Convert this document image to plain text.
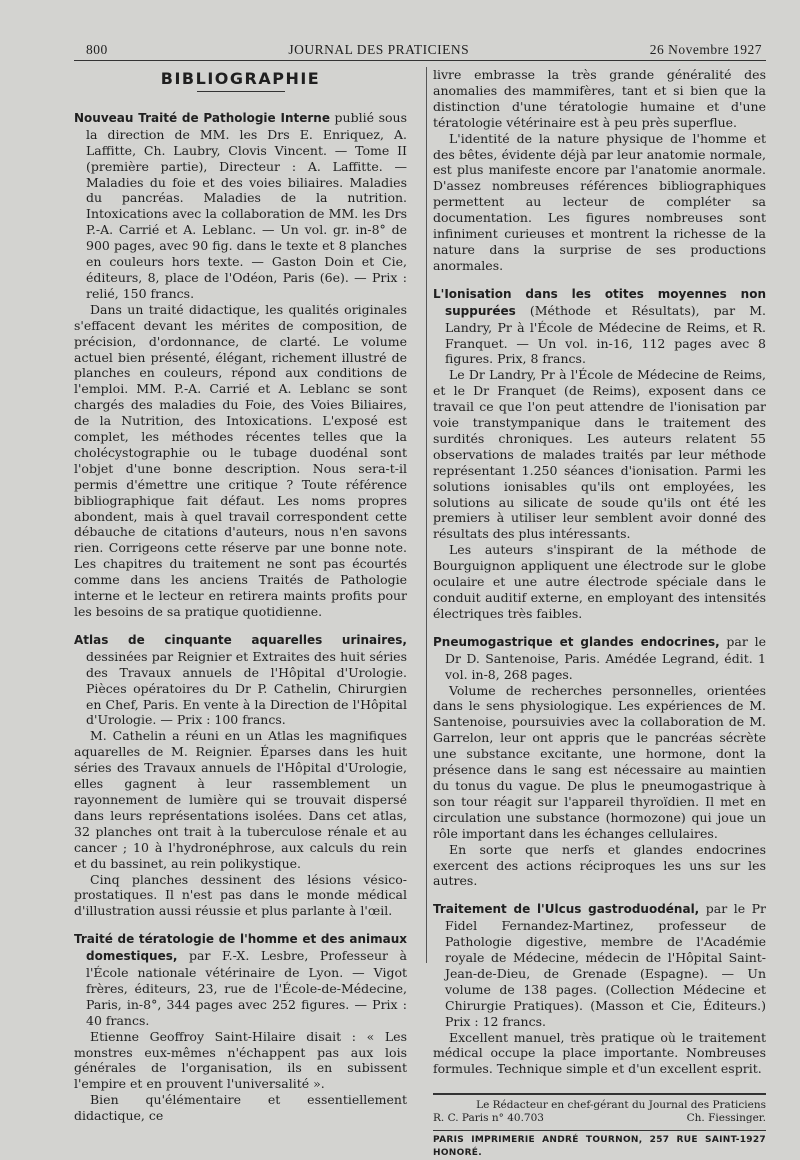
800	JOURNAL DES PRATICIENS	26 Novembre 1927
BIBLIOGRAPHIE

Nouveau Traité de Pathologie Interne publié sous la direction de MM. les Drs E. Enriquez, A. Laffitte, Ch. Laubry, Clovis Vincent. — Tome II (première partie), Directeur : A. Laffitte. — Maladies du foie et des voies biliaires. Maladies du pancréas. Maladies de la nutrition. Intoxications avec la collaboration de MM. les Drs P.-A. Carrié et A. Leblanc. — Un vol. gr. in-8° de 900 pages, avec 90 fig. dans le texte et 8 planches en couleurs hors texte. — Gaston Doin et Cie, éditeurs, 8, place de l'Odéon, Paris (6e). — Prix : relié, 150 francs.

Dans un traité didactique, les qualités originales s'effacent devant les mérites de composition, de précision, d'ordonnance, de clarté. Le volume actuel bien présenté, élégant, richement illustré de planches en couleurs, répond aux conditions de l'emploi. MM. P.-A. Carrié et A. Leblanc se sont chargés des maladies du Foie, des Voies Biliaires, de la Nutrition, des Intoxications. L'exposé est complet, les méthodes récentes telles que la cholécystographie ou le tubage duodénal sont l'objet d'une bonne description. Nous sera-t-il permis d'émettre une critique ? Toute référence bibliographique fait défaut. Les noms propres abondent, mais à quel travail correspondent cette débauche de citations d'auteurs, nous n'en savons rien. Corrigeons cette réserve par une bonne note. Les chapitres du traitement ne sont pas écourtés comme dans les anciens Traités de Pathologie interne et le lecteur en retirera maints profits pour les besoins de sa pratique quotidienne.

Atlas de cinquante aquarelles urinaires, dessinées par Reignier et Extraites des huit séries des Travaux annuels de l'Hôpital d'Urologie. Pièces opératoires du Dr P. Cathelin, Chirurgien en Chef, Paris. En vente à la Direction de l'Hôpital d'Urologie. — Prix : 100 francs.

M. Cathelin a réuni en un Atlas les magnifiques aquarelles de M. Reignier. Éparses dans les huit séries des Travaux annuels de l'Hôpital d'Urologie, elles gagnent à leur rassemblement un rayonnement de lumière qui se trouvait dispersé dans leurs représentations isolées. Dans cet atlas, 32 planches ont trait à la tuberculose rénale et au cancer ; 10 à l'hydronéphrose, aux calculs du rein et du bassinet, au rein polikystique.

Cinq planches dessinent des lésions vésico-prostatiques. Il n'est pas dans le monde médical d'illustration aussi réussie et plus parlante à l'œil.

Traité de tératologie de l'homme et des animaux domestiques, par F.-X. Lesbre, Professeur à l'École nationale vétérinaire de Lyon. — Vigot frères, éditeurs, 23, rue de l'École-de-Médecine, Paris, in-8°, 344 pages avec 252 figures. — Prix : 40 francs.

Etienne Geoffroy Saint-Hilaire disait : « Les monstres eux-mêmes n'échappent pas aux lois générales de l'organisation, ils en subissent l'empire et en prouvent l'universalité ».

Bien qu'élémentaire et essentiellement didactique, ce

livre embrasse la très grande généralité des anomalies des mammifères, tant et si bien que la distinction d'une tératologie humaine et d'une tératologie vétérinaire est à peu près superflue.

L'identité de la nature physique de l'homme et des bêtes, évidente déjà par leur anatomie normale, est plus manifeste encore par l'anatomie anormale. D'assez nombreuses références bibliographiques permettent au lecteur de compléter sa documentation. Les figures nombreuses sont infiniment curieuses et montrent la richesse de la nature dans la surprise de ses productions anormales.

L'Ionisation dans les otites moyennes non suppurées (Méthode et Résultats), par M. Landry, Pr à l'École de Médecine de Reims, et R. Franquet. — Un vol. in-16, 112 pages avec 8 figures. Prix, 8 francs.

Le Dr Landry, Pr à l'École de Médecine de Reims, et le Dr Franquet (de Reims), exposent dans ce travail ce que l'on peut attendre de l'ionisation par voie transtympanique dans le traitement des surdités chroniques. Les auteurs relatent 55 observations de malades traités par leur méthode représentant 1.250 séances d'ionisation. Parmi les solutions ionisables qu'ils ont employées, les solutions au silicate de soude qu'ils ont été les premiers à utiliser leur semblent avoir donné des résultats des plus intéressants.

Les auteurs s'inspirant de la méthode de Bourguignon appliquent une électrode sur le globe oculaire et une autre électrode spéciale dans le conduit auditif externe, en employant des intensités électriques très faibles.

Pneumogastrique et glandes endocrines, par le Dr D. Santenoise, Paris. Amédée Legrand, édit. 1 vol. in-8, 268 pages.

Volume de recherches personnelles, orientées dans le sens physiologique. Les expériences de M. Santenoise, poursuivies avec la collaboration de M. Garrelon, leur ont appris que le pancréas sécrète une substance excitante, une hormone, dont la présence dans le sang est nécessaire au maintien du tonus du vague. De plus le pneumogastrique à son tour réagit sur l'appareil thyroïdien. Il met en circulation une substance (hormozone) qui joue un rôle important dans les échanges cellulaires.

En sorte que nerfs et glandes endocrines exercent des actions réciproques les uns sur les autres.

Traitement de l'Ulcus gastroduodénal, par le Pr Fidel Fernandez-Martinez, professeur de Pathologie digestive, membre de l'Académie royale de Médecine, médecin de l'Hôpital Saint-Jean-de-Dieu, de Grenade (Espagne). — Un volume de 138 pages. (Collection Médecine et Chirurgie Pratiques). (Masson et Cie, Éditeurs.) Prix : 12 francs.

Excellent manuel, très pratique où le traitement médical occupe la place importante. Nombreuses formules. Technique simple et d'un excellent esprit.

Le Rédacteur en chef-gérant du Journal des Praticiens
R. C. Paris n° 40.703	Ch. Fiessinger.
PARIS IMPRIMERIE ANDRÉ TOURNON, 257 RUE SAINT-HONORÉ.
1927
